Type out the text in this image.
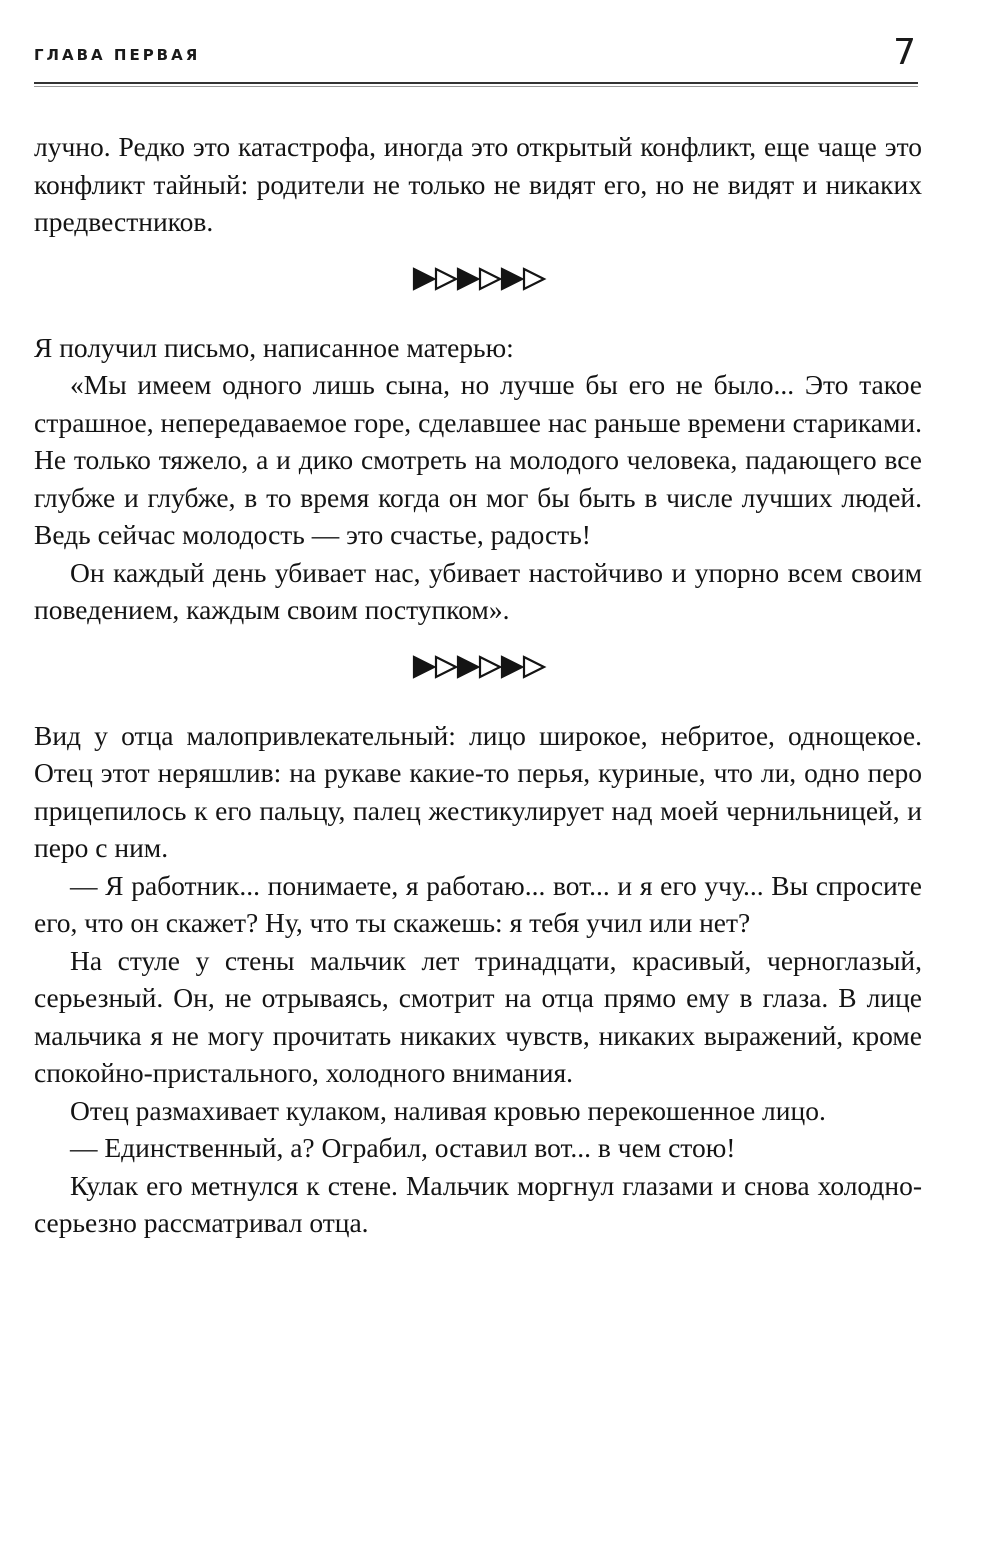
ГЛАВА ПЕРВАЯ	7

лучно. Редко это катастрофа, иногда это открытый конфликт, еще чаще это конфликт тайный: родители не только не видят его, но не видят и никаких предвестников.

Я получил письмо, написанное матерью:

«Мы имеем одного лишь сына, но лучше бы его не было... Это такое страшное, непередаваемое горе, сделавшее нас раньше времени стариками. Не только тяжело, а и дико смотреть на молодого человека, падающего все глубже и глубже, в то время когда он мог бы быть в числе лучших людей. Ведь сейчас молодость — это счастье, радость!

Он каждый день убивает нас, убивает настойчиво и упорно всем своим поведением, каждым своим поступком».

Вид у отца малопривлекательный: лицо широкое, небритое, однощекое. Отец этот неряшлив: на рукаве какие-то перья, куриные, что ли, одно перо прицепилось к его пальцу, палец жестикулирует над моей чернильницей, и перо с ним.

— Я работник... понимаете, я работаю... вот... и я его учу... Вы спросите его, что он скажет? Ну, что ты скажешь: я тебя учил или нет?

На стуле у стены мальчик лет тринадцати, красивый, черноглазый, серьезный. Он, не отрываясь, смотрит на отца прямо ему в глаза. В лице мальчика я не могу прочитать никаких чувств, никаких выражений, кроме спокойно-пристального, холодного внимания.

Отец размахивает кулаком, наливая кровью перекошенное лицо.

— Единственный, а? Ограбил, оставил вот... в чем стою!

Кулак его метнулся к стене. Мальчик моргнул глазами и снова холодно-серьезно рассматривал отца.
